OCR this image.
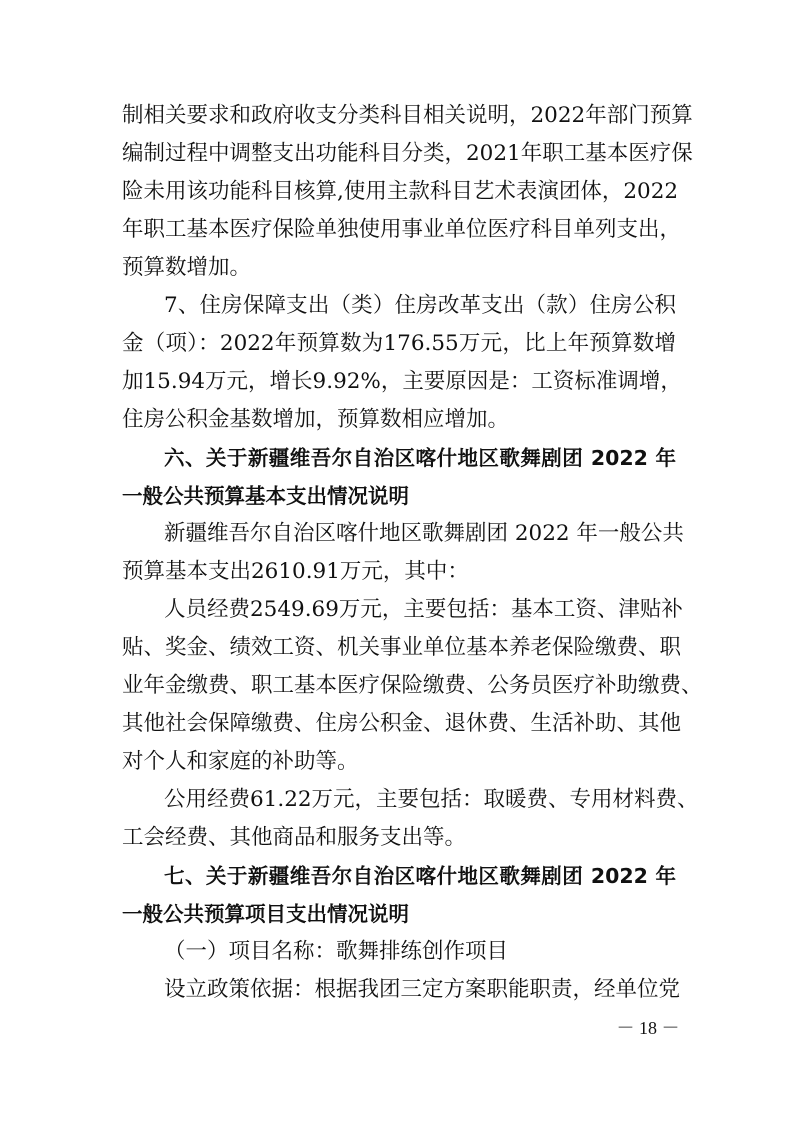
制相关要求和政府收支分类科目相关说明，2022年部门预算
编制过程中调整支出功能科目分类，2021年职工基本医疗保
险未用该功能科目核算,使用主款科目艺术表演团体，2022
年职工基本医疗保险单独使用事业单位医疗科目单列支出，
预算数增加。
7、住房保障支出（类）住房改革支出（款）住房公积
金（项）：2022年预算数为176.55万元，比上年预算数增
加15.94万元，增长9.92%，主要原因是：工资标准调增，
住房公积金基数增加，预算数相应增加。
六、关于新疆维吾尔自治区喀什地区歌舞剧团 2022 年
一般公共预算基本支出情况说明
新疆维吾尔自治区喀什地区歌舞剧团 2022 年一般公共
预算基本支出2610.91万元，其中：
人员经费2549.69万元，主要包括：基本工资、津贴补
贴、奖金、绩效工资、机关事业单位基本养老保险缴费、职
业年金缴费、职工基本医疗保险缴费、公务员医疗补助缴费、
其他社会保障缴费、住房公积金、退休费、生活补助、其他
对个人和家庭的补助等。
公用经费61.22万元，主要包括：取暖费、专用材料费、
工会经费、其他商品和服务支出等。
七、关于新疆维吾尔自治区喀什地区歌舞剧团 2022 年
一般公共预算项目支出情况说明
（一）项目名称：歌舞排练创作项目
设立政策依据：根据我团三定方案职能职责，经单位党
－ 18 －
